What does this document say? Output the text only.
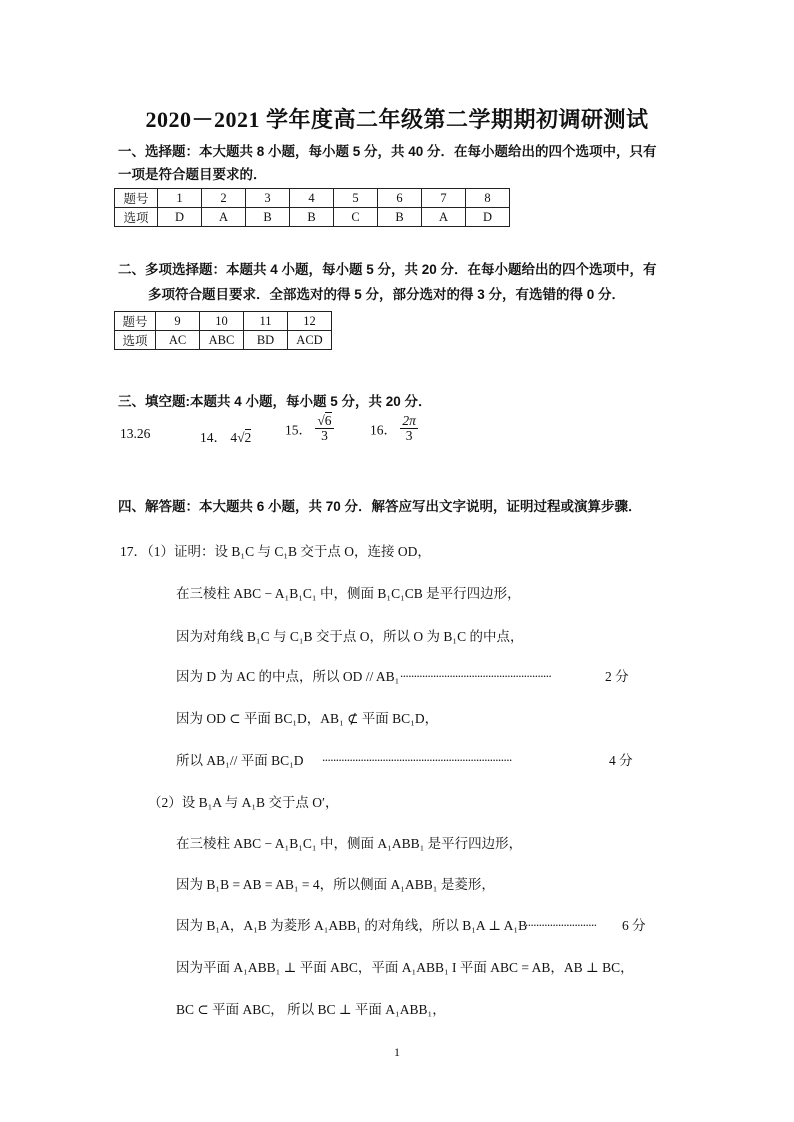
2020－2021 学年度高二年级第二学期期初调研测试
一、选择题：本大题共 8 小题，每小题 5 分，共 40 分．在每小题给出的四个选项中，只有
一项是符合题目要求的．
题号	1	2	3	4	5	6	7	8
选项	D	A	B	B	C	B	A	D
二、多项选择题：本题共 4 小题，每小题 5 分，共 20 分．在每小题给出的四个选项中，有
多项符合题目要求．全部选对的得 5 分，部分选对的得 3 分，有选错的得 0 分．
题号	9	10	11	12
选项	AC	ABC	BD	ACD
三、填空题:本题共 4 小题，每小题 5 分，共 20 分．
13.26	14． 4√2 15． $\frac{√6}{3}$	16． $\frac{2\pi}{3}$
四、解答题：本大题共 6 小题，共 70 分．解答应写出文字说明，证明过程或演算步骤．
17．（1）证明：设 B₁C 与 C₁B 交于点 O，连接 OD，
在三棱柱 ABC − A₁B₁C₁ 中，侧面 B₁C₁CB 是平行四边形，
因为对角线 B₁C 与 C₁B 交于点 O，所以 O 为 B₁C 的中点，
因为 D 为 AC 的中点，所以 OD // AB₁ .......................................................	2 分
因为 OD ⊂ 平面 BC₁D，AB₁ ⊄ 平面 BC₁D，
所以 AB₁// 平面 BC₁D .....................................................................	4 分
（2）设 B₁A 与 A₁B 交于点 O′，
在三棱柱 ABC − A₁B₁C₁ 中，侧面 A₁ABB₁ 是平行四边形，
因为 B₁B = AB = AB₁ = 4，所以侧面 A₁ABB₁ 是菱形，
因为 B₁A，A₁B 为菱形 A₁ABB₁ 的对角线，所以 B₁A ⊥ A₁B
.......................... 6 分
因为平面 A₁ABB₁ ⊥ 平面 ABC，平面 A₁ABB₁ I 平面 ABC = AB，AB ⊥ BC，
BC ⊂ 平面 ABC， 所以 BC ⊥ 平面 A₁ABB₁，
1
